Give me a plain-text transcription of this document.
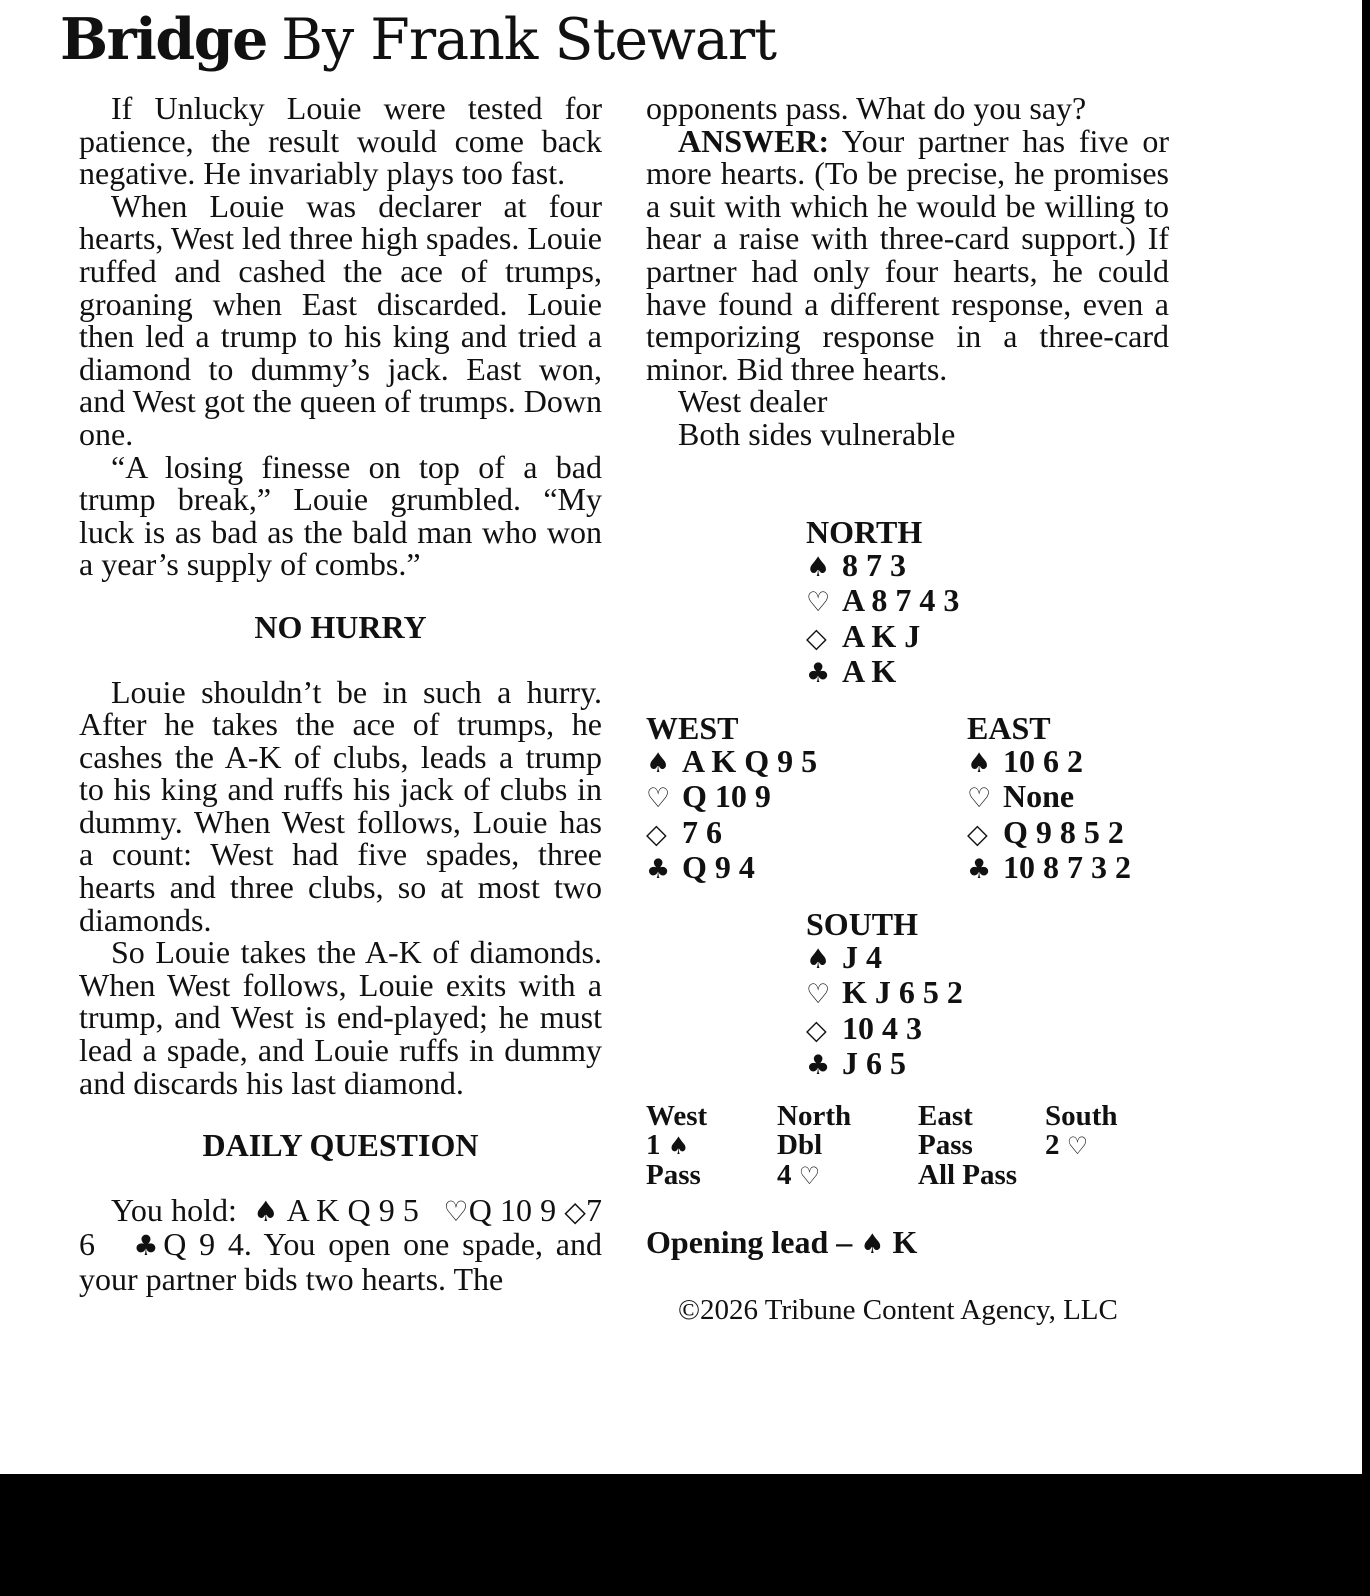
Bridge By Frank Stewart

If Unlucky Louie were tested for patience, the result would come back negative. He invariably plays too fast.

When Louie was declarer at four hearts, West led three high spades. Louie ruffed and cashed the ace of trumps, groaning when East discarded. Louie then led a trump to his king and tried a diamond to dummy’s jack. East won, and West got the queen of trumps. Down one.

“A losing finesse on top of a bad trump break,” Louie grumbled. “My luck is as bad as the bald man who won a year’s supply of combs.”

NO HURRY

Louie shouldn’t be in such a hurry. After he takes the ace of trumps, he cashes the A-K of clubs, leads a trump to his king and ruffs his jack of clubs in dummy. When West follows, Louie has a count: West had five spades, three hearts and three clubs, so at most two diamonds.

So Louie takes the A-K of diamonds. When West follows, Louie exits with a trump, and West is end-played; he must lead a spade, and Louie ruffs in dummy and discards his last diamond.

DAILY QUESTION

You hold: ♠ A K Q 9 5 ♡Q 10 9 ◇7 6 ♣Q 9 4. You open one spade, and your partner bids two hearts. The

opponents pass. What do you say?

ANSWER: Your partner has five or more hearts. (To be precise, he promises a suit with which he would be willing to hear a raise with three-card support.) If partner had only four hearts, he could have found a different response, even a temporizing response in a three-card minor. Bid three hearts.

West dealer

Both sides vulnerable

NORTH
♠ 8 7 3
♡ A 8 7 4 3
◇ A K J
♣ A K
WEST
♠ A K Q 9 5
♡ Q 10 9
◇ 7 6
♣ Q 9 4
EAST
♠ 10 6 2
♡ None
◇ Q 9 8 5 2
♣ 10 8 7 3 2
SOUTH
♠ J 4
♡ K J 6 5 2
◇ 10 4 3
♣ J 6 5
West	North	East	South
1 ♠	Dbl	Pass	2 ♡
Pass	4 ♡	All Pass
Opening lead – ♠ K
©2026 Tribune Content Agency, LLC
